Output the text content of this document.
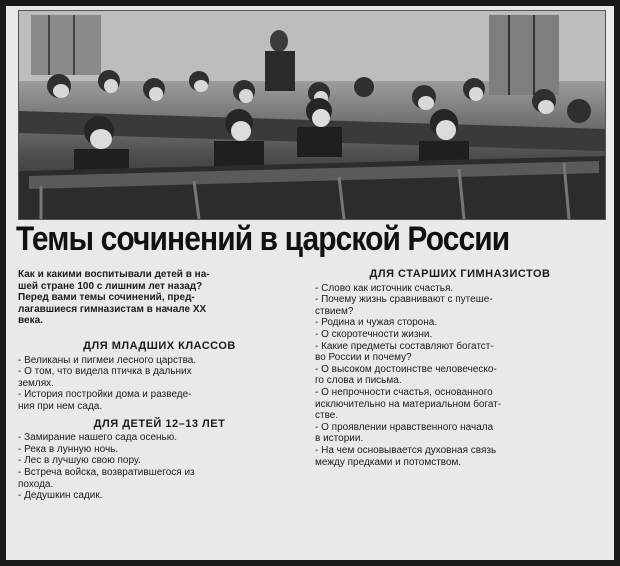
Темы сочинений в царской России
Как и какими воспитывали детей в на-
шей стране 100 с лишним лет назад?
Перед вами темы сочинений, пред-
лагавшиеся гимназистам в начале XX
века.
ДЛЯ МЛАДШИХ КЛАССОВ
- Великаны и пигмеи лесного царства.
- О том, что видела птичка в дальних
землях.
- История постройки дома и разведе-
ния при нем сада.
ДЛЯ ДЕТЕЙ 12–13 ЛЕТ
- Замирание нашего сада осенью.
- Река в лунную ночь.
- Лес в лучшую свою пору.
- Встреча войска, возвратившегося из
похода.
- Дедушкин садик.
ДЛЯ СТАРШИХ ГИМНАЗИСТОВ
- Слово как источник счастья.
- Почему жизнь сравнивают с путеше-
ствием?
- Родина и чужая сторона.
- О скоротечности жизни.
- Какие предметы составляют богатст-
во России и почему?
- О высоком достоинстве человеческо-
го слова и письма.
- О непрочности счастья, основанного
исключительно на материальном богат-
стве.
- О проявлении нравственного начала
в истории.
- На чем основывается духовная связь
между предками и потомством.
